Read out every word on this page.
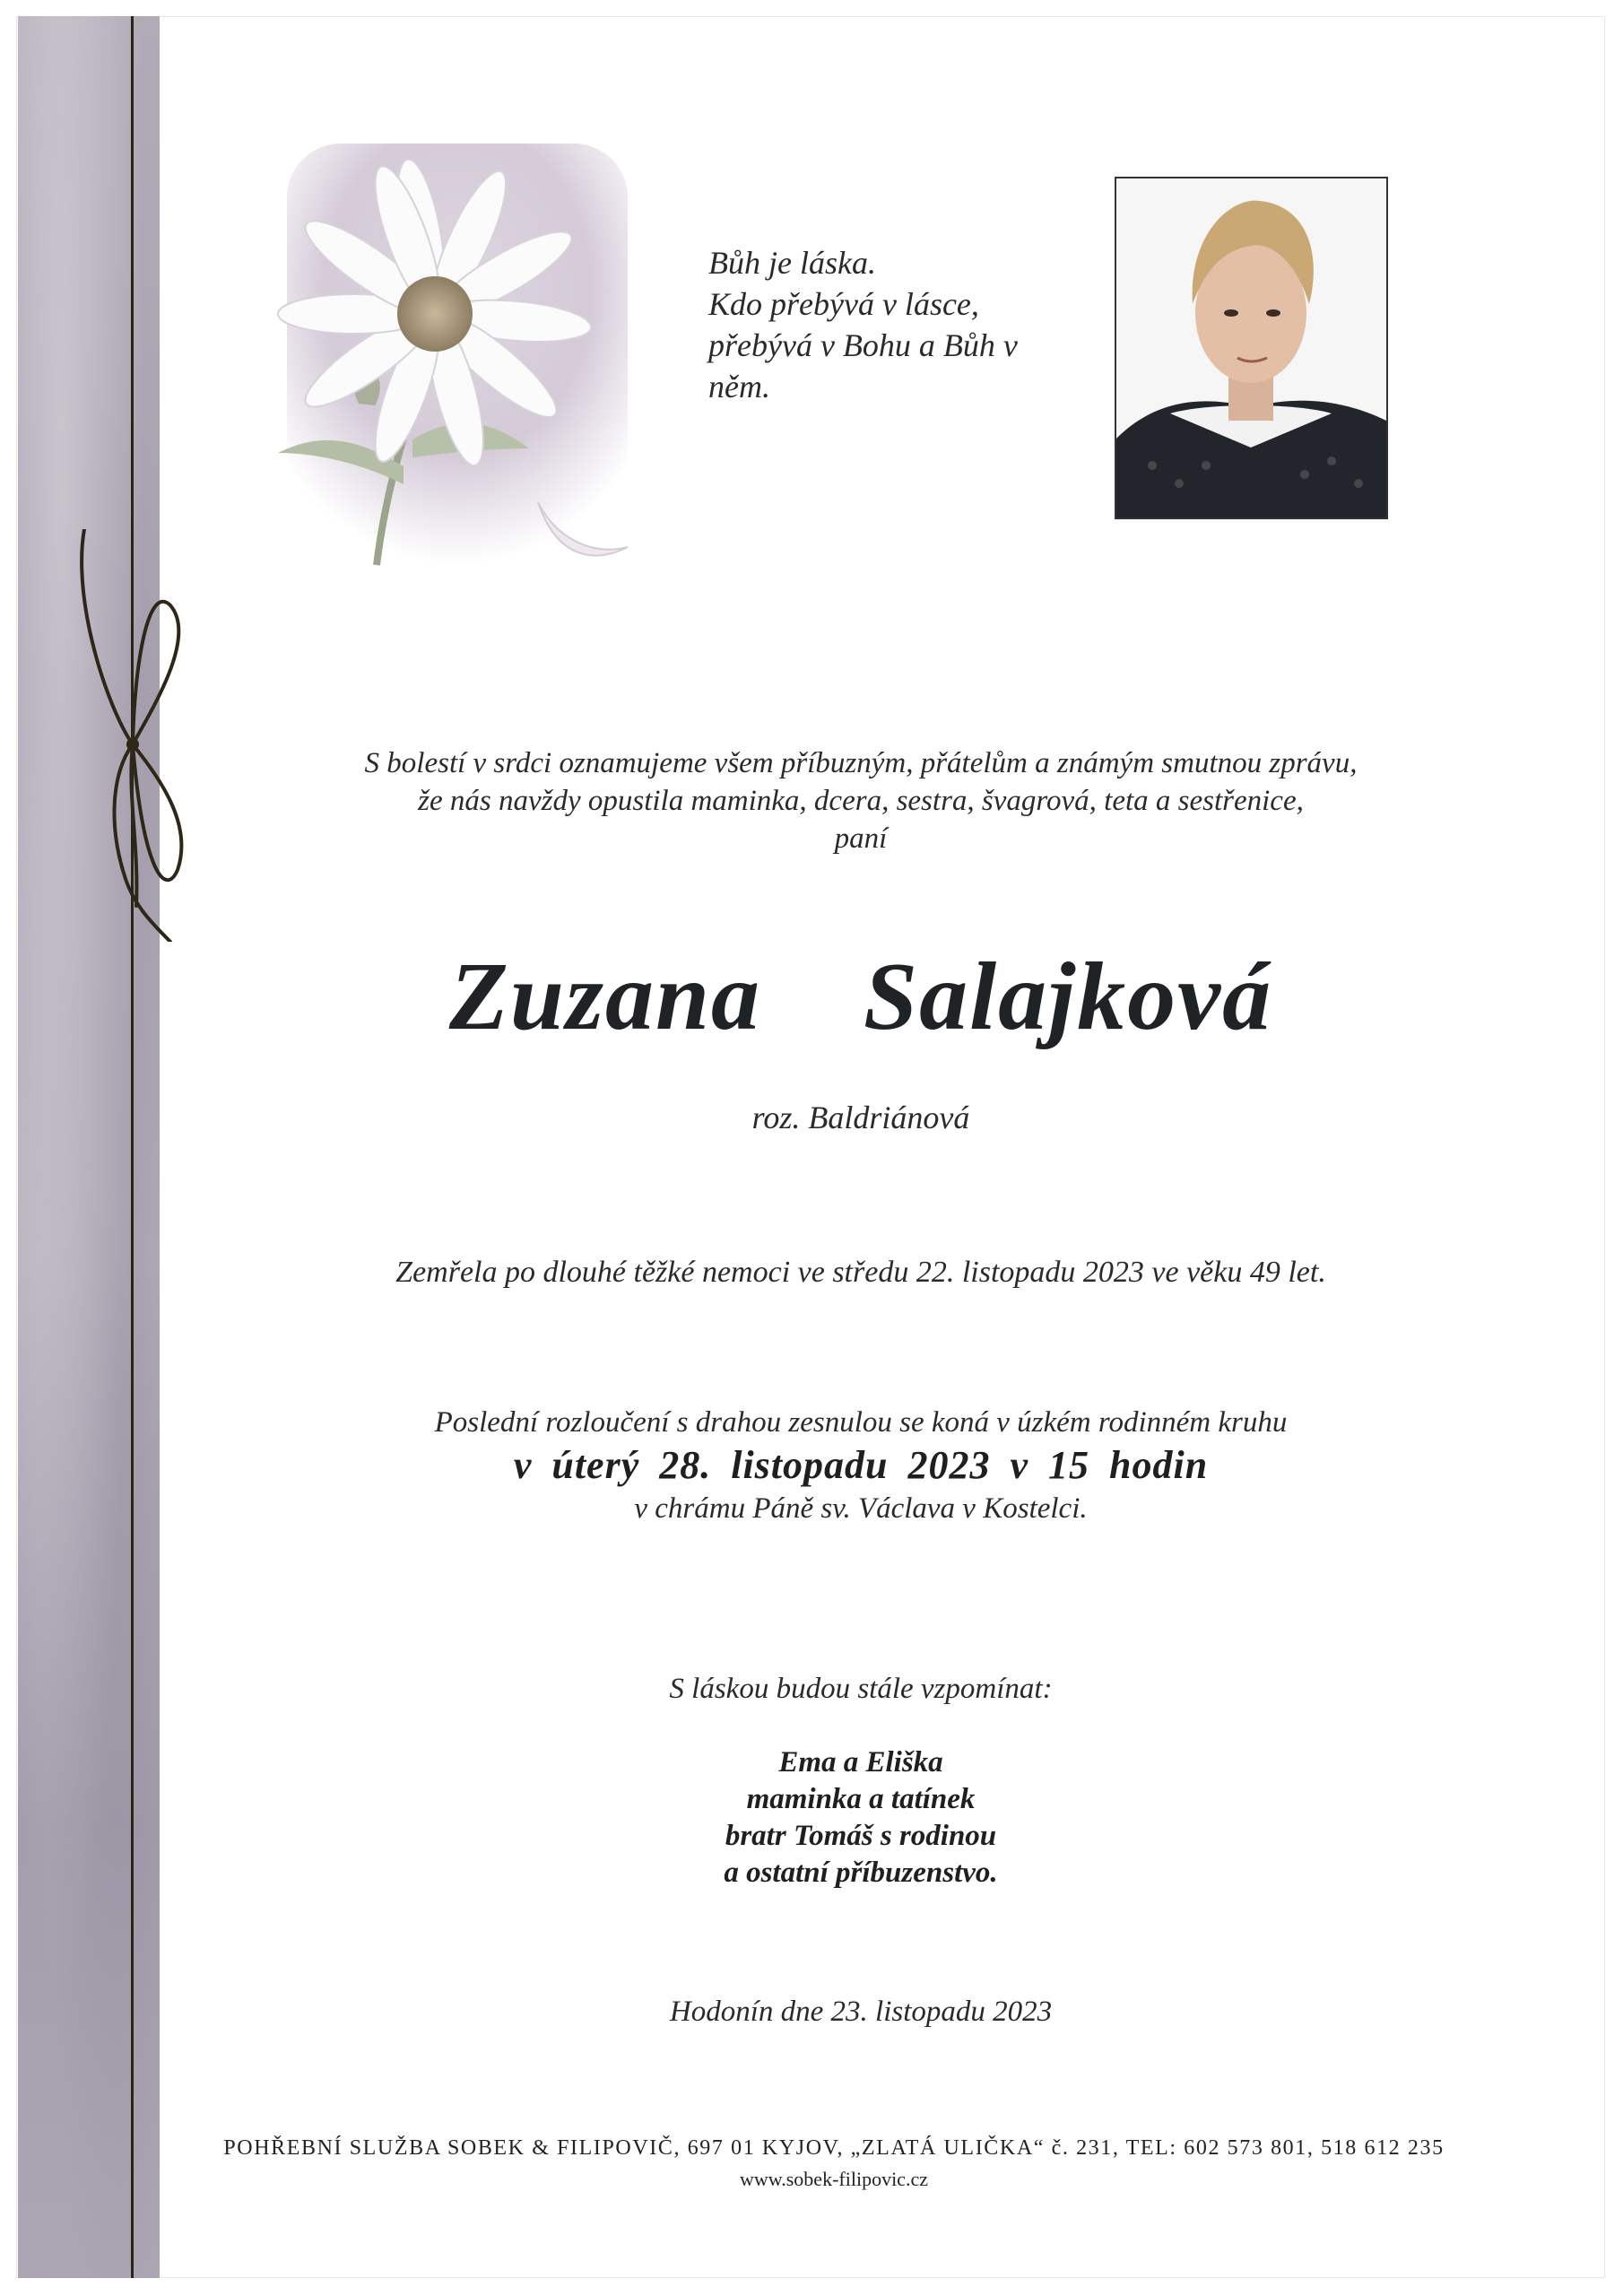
Bůh je láska.
Kdo přebývá v lásce,
přebývá v Bohu a Bůh v něm.
S bolestí v srdci oznamujeme všem příbuzným, přátelům a známým smutnou zprávu,
že nás navždy opustila maminka, dcera, sestra, švagrová, teta a sestřenice,
paní
Zuzana  Salajková
roz. Baldriánová
Zemřela po dlouhé těžké nemoci ve středu 22. listopadu 2023 ve věku 49 let.
Poslední rozloučení s drahou zesnulou se koná v úzkém rodinném kruhu
v úterý 28. listopadu 2023 v 15 hodin
v chrámu Páně sv. Václava v Kostelci.
S láskou budou stále vzpomínat:
Ema a Eliška
maminka a tatínek
bratr Tomáš s rodinou
a ostatní příbuzenstvo.
Hodonín dne 23. listopadu 2023
POHŘEBNÍ SLUŽBA SOBEK & FILIPOVIČ, 697 01 KYJOV, „ZLATÁ ULIČKA“ č. 231, TEL: 602 573 801, 518 612 235
www.sobek-filipovic.cz
